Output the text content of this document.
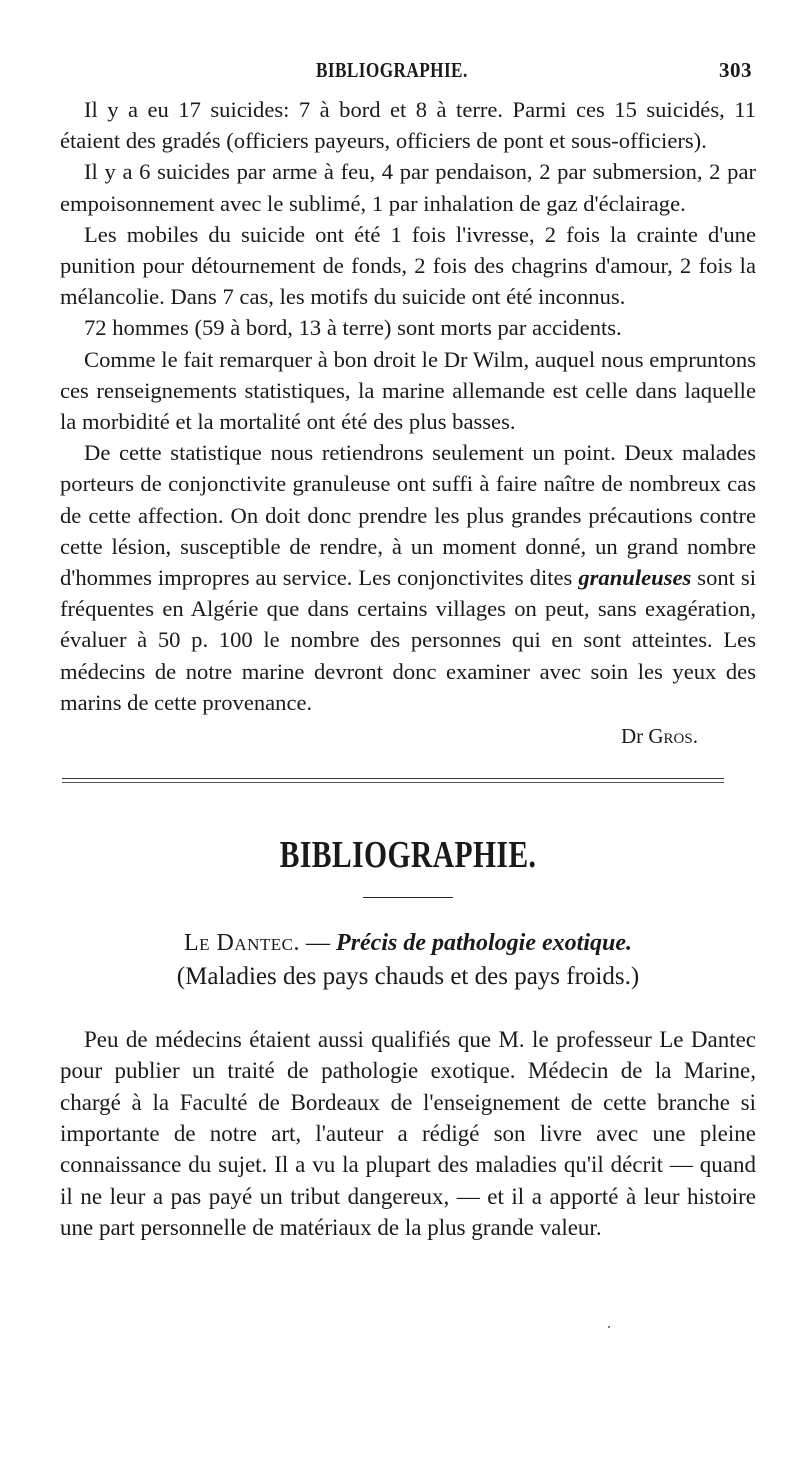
BIBLIOGRAPHIE.	303

Il y a eu 17 suicides: 7 à bord et 8 à terre. Parmi ces 15 suicidés, 11 étaient des gradés (officiers payeurs, officiers de pont et sous-officiers).

Il y a 6 suicides par arme à feu, 4 par pendaison, 2 par submersion, 2 par empoisonnement avec le sublimé, 1 par inhalation de gaz d'éclairage.

Les mobiles du suicide ont été 1 fois l'ivresse, 2 fois la crainte d'une punition pour détournement de fonds, 2 fois des chagrins d'amour, 2 fois la mélancolie. Dans 7 cas, les motifs du suicide ont été inconnus.

72 hommes (59 à bord, 13 à terre) sont morts par accidents.

Comme le fait remarquer à bon droit le Dr Wilm, auquel nous empruntons ces renseignements statistiques, la marine allemande est celle dans laquelle la morbidité et la mortalité ont été des plus basses.

De cette statistique nous retiendrons seulement un point. Deux malades porteurs de conjonctivite granuleuse ont suffi à faire naître de nombreux cas de cette affection. On doit donc prendre les plus grandes précautions contre cette lésion, susceptible de rendre, à un moment donné, un grand nombre d'hommes impropres au service. Les conjonctivites dites granuleuses sont si fréquentes en Algérie que dans certains villages on peut, sans exagération, évaluer à 50 p. 100 le nombre des personnes qui en sont atteintes. Les médecins de notre marine devront donc examiner avec soin les yeux des marins de cette provenance.

Dr Gros.
BIBLIOGRAPHIE.
Le Dantec. — Précis de pathologie exotique.
(Maladies des pays chauds et des pays froids.)

Peu de médecins étaient aussi qualifiés que M. le professeur Le Dantec pour publier un traité de pathologie exotique. Médecin de la Marine, chargé à la Faculté de Bordeaux de l'enseignement de cette branche si importante de notre art, l'auteur a rédigé son livre avec une pleine connaissance du sujet. Il a vu la plupart des maladies qu'il décrit — quand il ne leur a pas payé un tribut dangereux, — et il a apporté à leur histoire une part personnelle de matériaux de la plus grande valeur.
